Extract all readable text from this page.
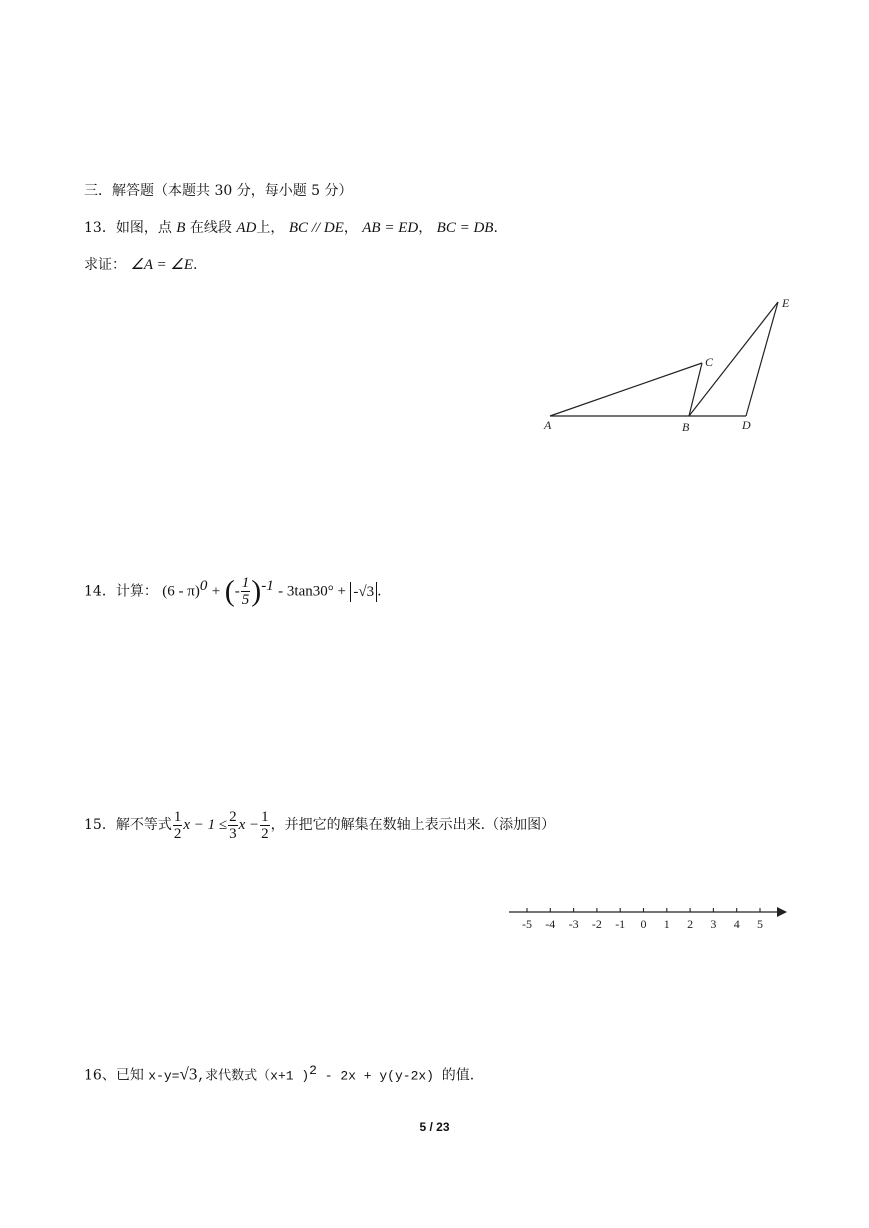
三．解答题（本题共 30 分，每小题 5 分）
13．如图，点 B 在线段 AD上， BC // DE， AB = ED， BC = DB.
求证： ∠A = ∠E.
A	B
C
D
E
14．计算： (6 - π)$^0$ + (- $\frac{1}{5} )^{-1} - 3\tan 30^\circ + -√3$ .
15．解不等式 $\frac{1}{2}$ $x - 1 \le \frac{2}{3}$ $x - \frac{1}{2}$ ，并把它的解集在数轴上表示出来.（添加图）
-5 -4 -3 -2 -1 0 1 2 3 4 5
16、已知 x-y=√3,求代数式（x+1 )$^2$ - 2x + y(y-2x) 的值.
5 / 23
